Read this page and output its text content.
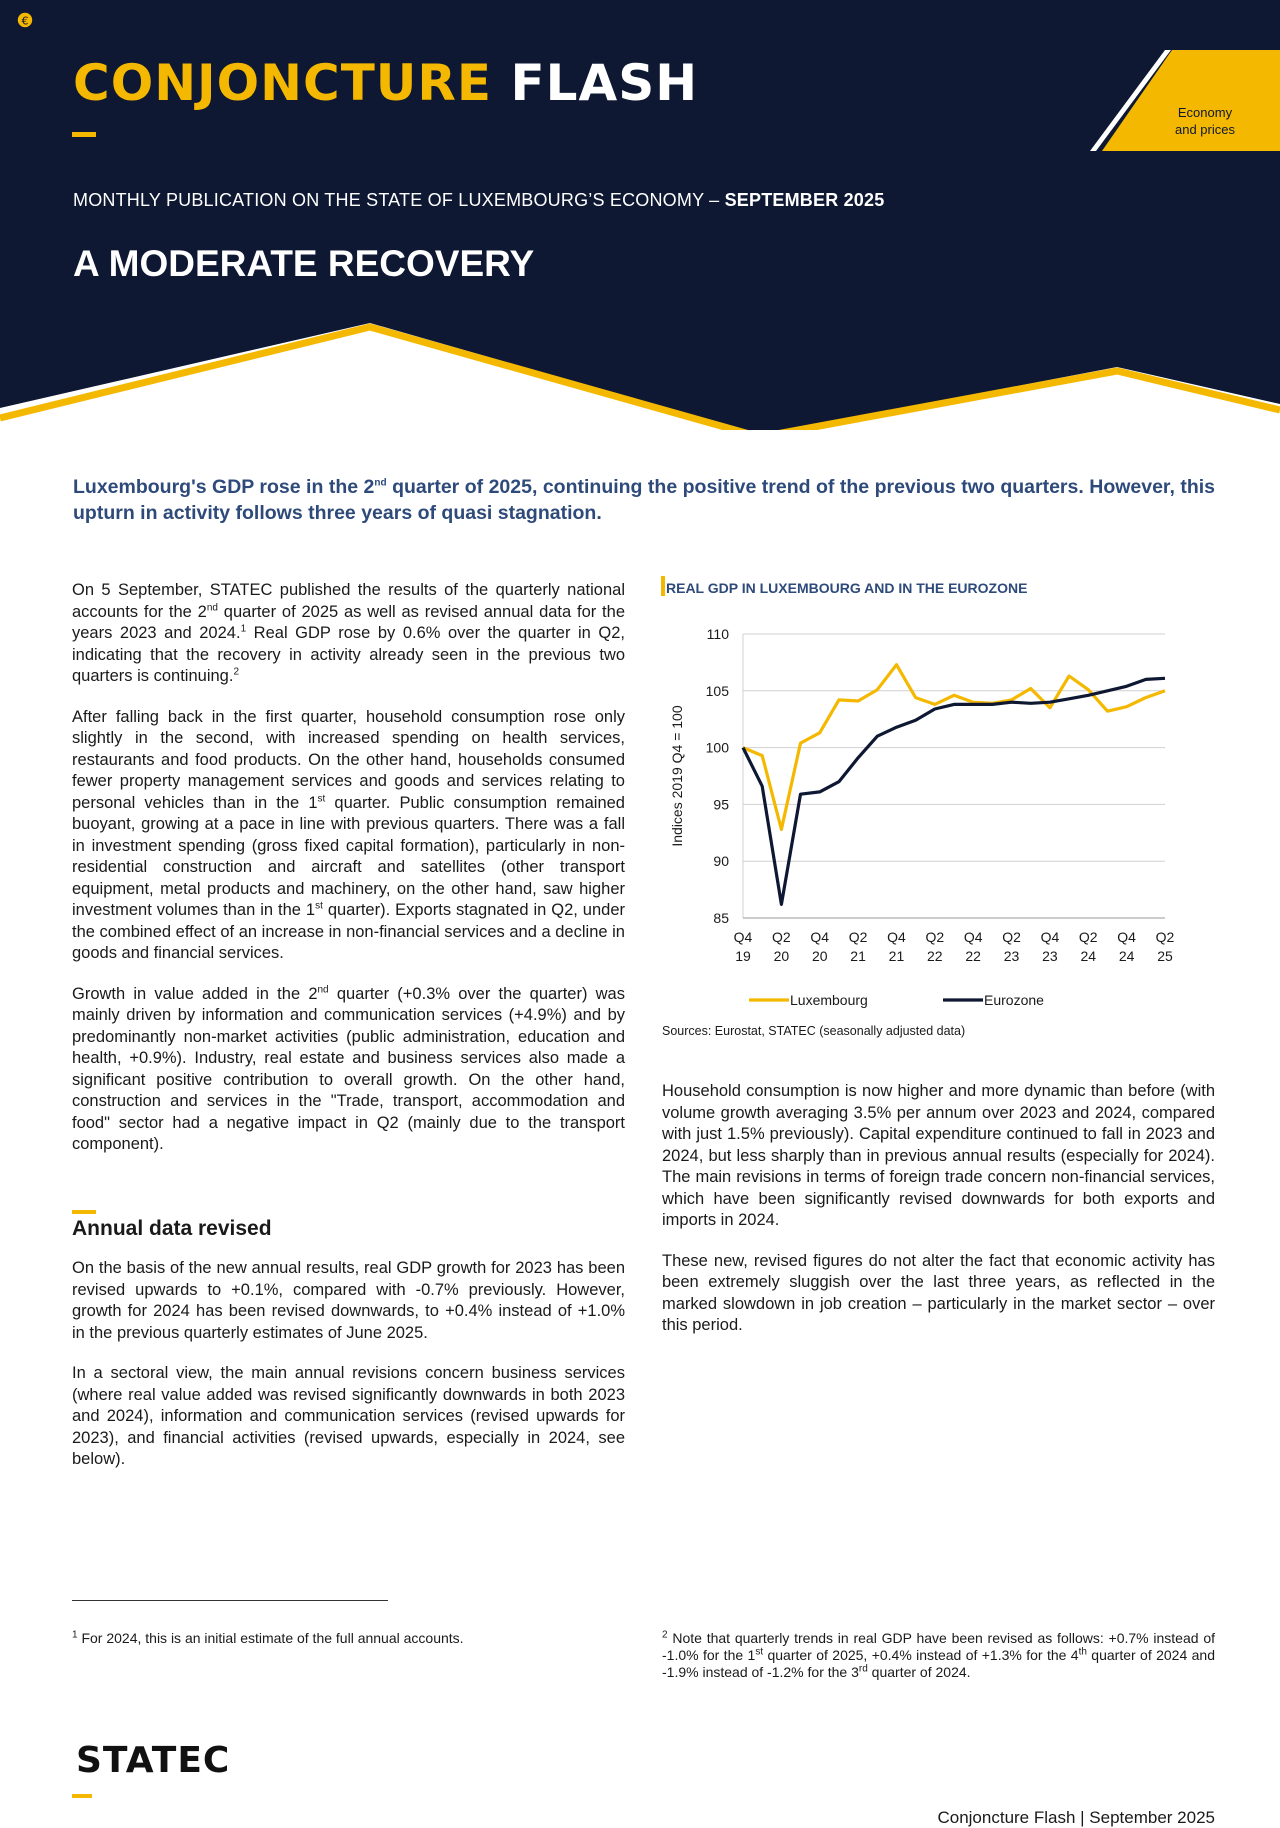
CONJONCTURE FLASH
MONTHLY PUBLICATION ON THE STATE OF LUXEMBOURG’S ECONOMY – SEPTEMBER 2025
A MODERATE RECOVERY
€
Economy
and prices
Luxembourg's GDP rose in the 2nd quarter of 2025, continuing the positive trend of the previous two quarters. However, this upturn in activity follows three years of quasi stagnation.

On 5 September, STATEC published the results of the quarterly national accounts for the 2nd quarter of 2025 as well as revised annual data for the years 2023 and 2024.$^1$ Real GDP rose by 0.6% over the quarter in Q2, indicating that the recovery in activity already seen in the previous two quarters is continuing.$^2$

After falling back in the first quarter, household consumption rose only slightly in the second, with increased spending on health services, restaurants and food products. On the other hand, households consumed fewer property management services and goods and services relating to personal vehicles than in the 1st quarter. Public consumption remained buoyant, growing at a pace in line with previous quarters. There was a fall in investment spending (gross fixed capital formation), particularly in non-residential construction and aircraft and satellites (other transport equipment, metal products and machinery, on the other hand, saw higher investment volumes than in the 1st quarter). Exports stagnated in Q2, under the combined effect of an increase in non-financial services and a decline in goods and financial services.

Growth in value added in the 2nd quarter (+0.3% over the quarter) was mainly driven by information and communication services (+4.9%) and by predominantly non-market activities (public administration, education and health, +0.9%). Industry, real estate and business services also made a significant positive contribution to overall growth. On the other hand, construction and services in the "Trade, transport, accommodation and food" sector had a negative impact in Q2 (mainly due to the transport component).

Annual data revised

On the basis of the new annual results, real GDP growth for 2023 has been revised upwards to +0.1%, compared with -0.7% previously. However, growth for 2024 has been revised downwards, to +0.4% instead of +1.0% in the previous quarterly estimates of June 2025.

In a sectoral view, the main annual revisions concern business services (where real value added was revised significantly downwards in both 2023 and 2024), information and communication services (revised upwards for 2023), and financial activities (revised upwards, especially in 2024, see below).

REAL GDP IN LUXEMBOURG AND IN THE EUROZONE
85
90
95
100
105
110
Q4
19
Q2
20
Q4
20
Q2
21
Q4
21
Q2
22
Q4
22
Q2
23
Q4
23
Q2
24
Q4
24
Q2
25
Indices 2019 Q4 = 100
Luxembourg	Eurozone
Sources: Eurostat, STATEC (seasonally adjusted data)

Household consumption is now higher and more dynamic than before (with volume growth averaging 3.5% per annum over 2023 and 2024, compared with just 1.5% previously). Capital expenditure continued to fall in 2023 and 2024, but less sharply than in previous annual results (especially for 2024). The main revisions in terms of foreign trade concern non-financial services, which have been significantly revised downwards for both exports and imports in 2024.

These new, revised figures do not alter the fact that economic activity has been extremely sluggish over the last three years, as reflected in the marked slowdown in job creation – particularly in the market sector – over this period.

$^1$ For 2024, this is an initial estimate of the full annual accounts.	$^2$ Note that quarterly trends in real GDP have been revised as follows: +0.7% instead of -1.0% for the 1st quarter of 2025, +0.4% instead of +1.3% for the 4th quarter of 2024 and -1.9% instead of -1.2% for the 3rd quarter of 2024.
STATEC
Conjoncture Flash | September 2025
